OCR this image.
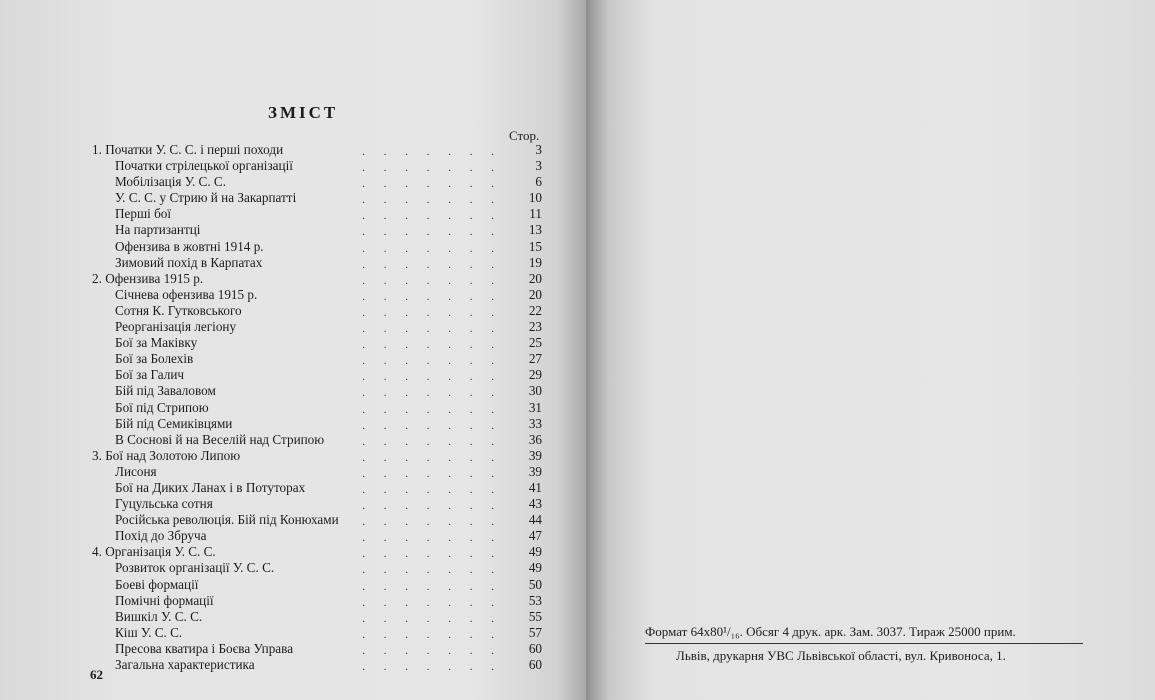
ЗМІСТ
Стор.
1. Початки У. С. С. і перші походи	. . . . . . .	3
Початки стрілецької організації	. . . . . . .	3
Мобілізація У. С. С.	. . . . . . .	6
У. С. С. у Стрию й на Закарпатті	. . . . . . . 10
Перші бої	. . . . . . . 11
На партизантці	. . . . . . . 13
Офензива в жовтні 1914 р.	. . . . . . . 15
Зимовий похід в Карпатах	. . . . . . . 19
2. Офензива 1915 р.	. . . . . . . 20
Січнева офензива 1915 р.	. . . . . . . 20
Сотня К. Гутковського	. . . . . . . 22
Реорганізація легіону	. . . . . . . 23
Бої за Маківку	. . . . . . . 25
Бої за Болехів	. . . . . . . 27
Бої за Галич	. . . . . . . 29
Бій під Заваловом	. . . . . . . 30
Бої під Стрипою	. . . . . . . 31
Бій під Семиківцями	. . . . . . . 33
В Соснові й на Веселій над Стрипою	. . . . . . . 36
3. Бої над Золотою Липою	. . . . . . . 39
Лисоня	. . . . . . . 39
Бої на Диких Ланах і в Потуторах	. . . . . . . 41
Гуцульська сотня	. . . . . . . 43
Російська революція. Бій під Конюхами . . . . . . . 44
Похід до Збруча	. . . . . . . 47
4. Організація У. С. С.	. . . . . . . 49
Розвиток організації У. С. С.	. . . . . . . 49
Боеві формації	. . . . . . . 50
Помічні формації	. . . . . . . 53
Вишкіл У. С. С.	. . . . . . . 55
Кіш У. С. С.	. . . . . . . 57
Пресова кватира і Боєва Управа	. . . . . . . 60
Загальна характеристика	. . . . . . . 60
62
Формат 64х80¹/₁₆. Обсяг 4 друк. арк. Зам. 3037. Тираж 25000 прим.
Львів, друкарня УВС Львівської області, вул. Кривоноса, 1.
